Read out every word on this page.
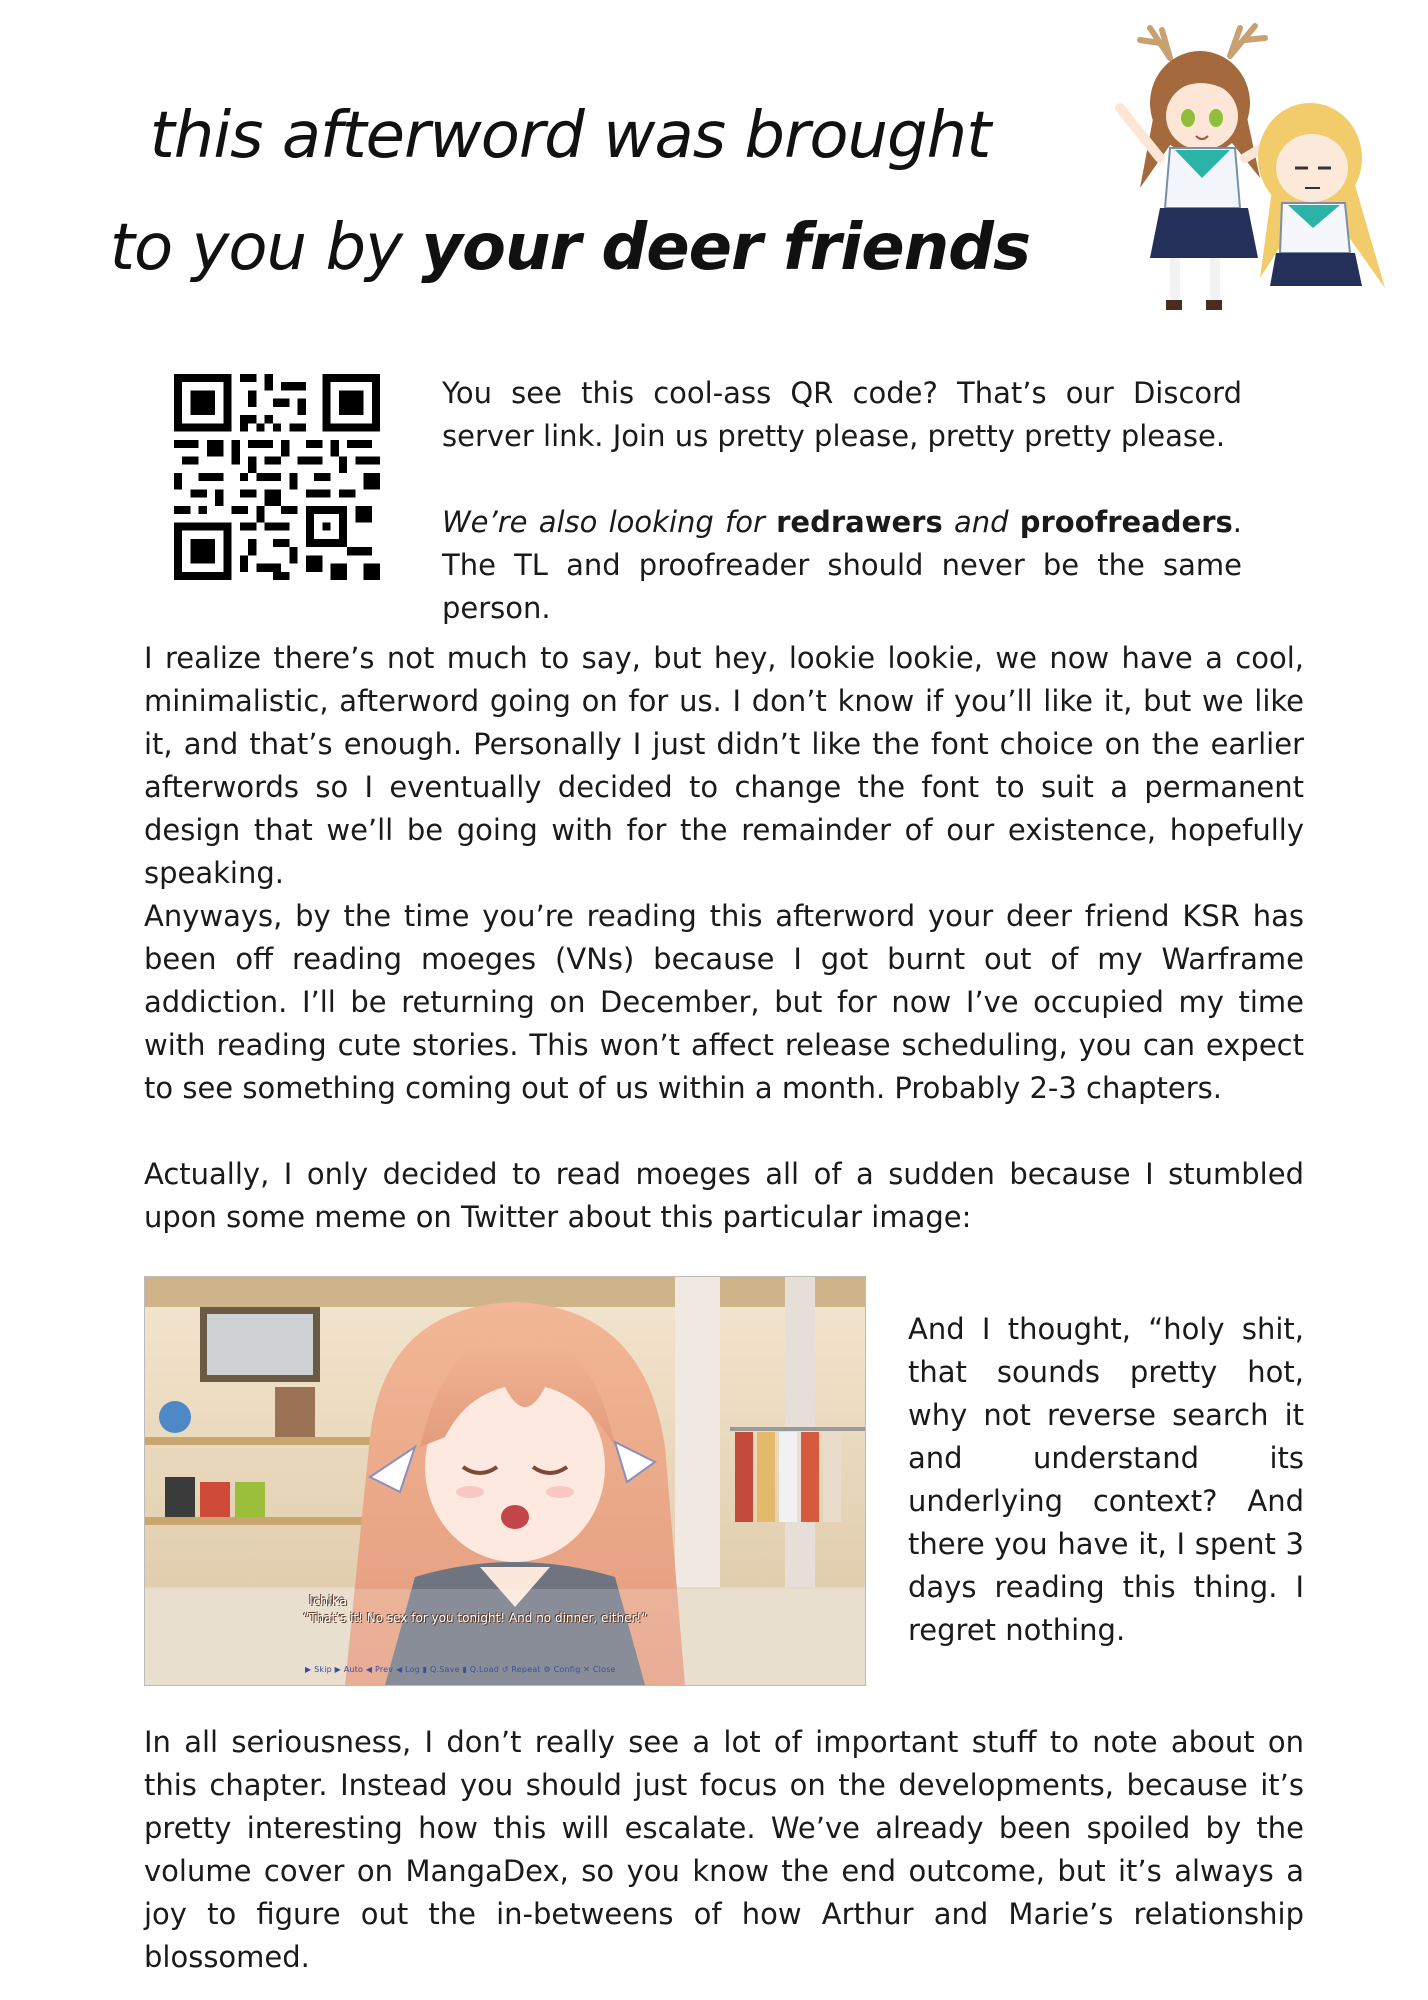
this afterword was brought
to you by your deer friends

You see this cool-ass QR code? That’s our Discord server link. Join us pretty please, pretty pretty please.

We’re also looking for redrawers and proofreaders. The TL and proofreader should never be the same person.

I realize there’s not much to say, but hey, lookie lookie, we now have a cool, minimalistic, afterword going on for us. I don’t know if you’ll like it, but we like it, and that’s enough. Personally I just didn’t like the font choice on the earlier afterwords so I eventually decided to change the font to suit a permanent design that we’ll be going with for the remainder of our existence, hopefully speaking.

Anyways, by the time you’re reading this afterword your deer friend KSR has been off reading moeges (VNs) because I got burnt out of my Warframe addiction. I’ll be returning on December, but for now I’ve occupied my time with reading cute stories. This won’t affect release scheduling, you can expect to see something coming out of us within a month. Probably 2-3 chapters.

Actually, I only decided to read moeges all of a sudden because I stumbled upon some meme on Twitter about this particular image:

Ichika
“That’s it! No sex for you tonight! And no dinner, either!”
▶ Skip ▶ Auto ◀ Prev ◀ Log ▮ Q.Save ▮ Q.Load ↺ Repeat ⚙ Config ✕ Close

And I thought, “holy shit, that sounds pretty hot, why not reverse search it and understand its underlying context? And there you have it, I spent 3 days reading this thing. I regret nothing.

In all seriousness, I don’t really see a lot of important stuff to note about on this chapter. Instead you should just focus on the developments, because it’s pretty interesting how this will escalate. We’ve already been spoiled by the volume cover on MangaDex, so you know the end outcome, but it’s always a joy to figure out the in-betweens of how Arthur and Marie’s relationship blossomed.
